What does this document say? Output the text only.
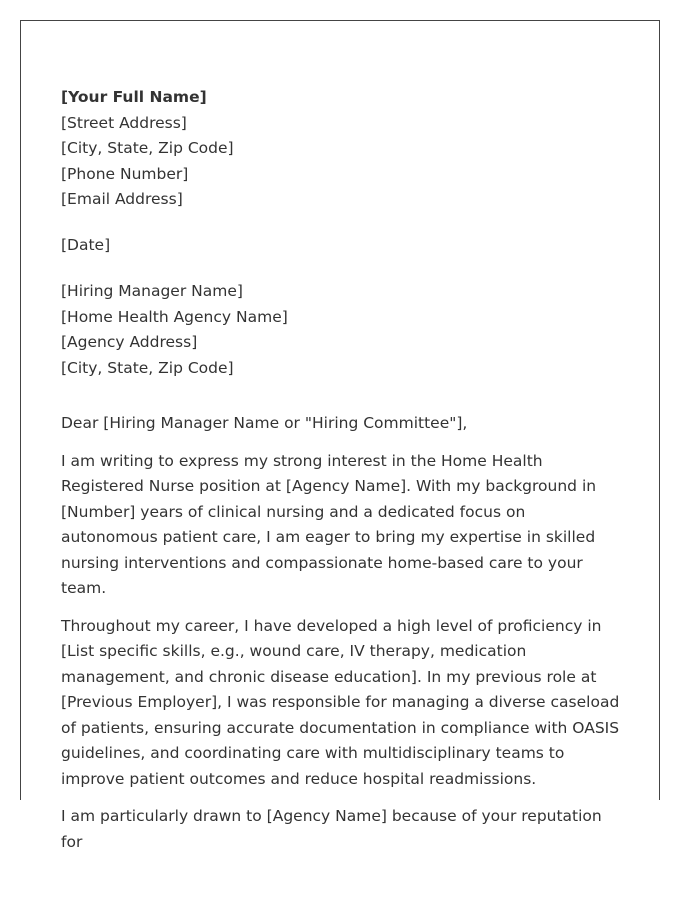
[Your Full Name]
[Street Address]
[City, State, Zip Code]
[Phone Number]
[Email Address]
[Date]
[Hiring Manager Name]
[Home Health Agency Name]
[Agency Address]
[City, State, Zip Code]
Dear [Hiring Manager Name or "Hiring Committee"],
I am writing to express my strong interest in the Home Health Registered Nurse position at [Agency Name]. With my background in [Number] years of clinical nursing and a dedicated focus on autonomous patient care, I am eager to bring my expertise in skilled nursing interventions and compassionate home-based care to your team.
Throughout my career, I have developed a high level of proficiency in [List specific skills, e.g., wound care, IV therapy, medication management, and chronic disease education]. In my previous role at [Previous Employer], I was responsible for managing a diverse caseload of patients, ensuring accurate documentation in compliance with OASIS guidelines, and coordinating care with multidisciplinary teams to improve patient outcomes and reduce hospital readmissions.
I am particularly drawn to [Agency Name] because of your reputation for
